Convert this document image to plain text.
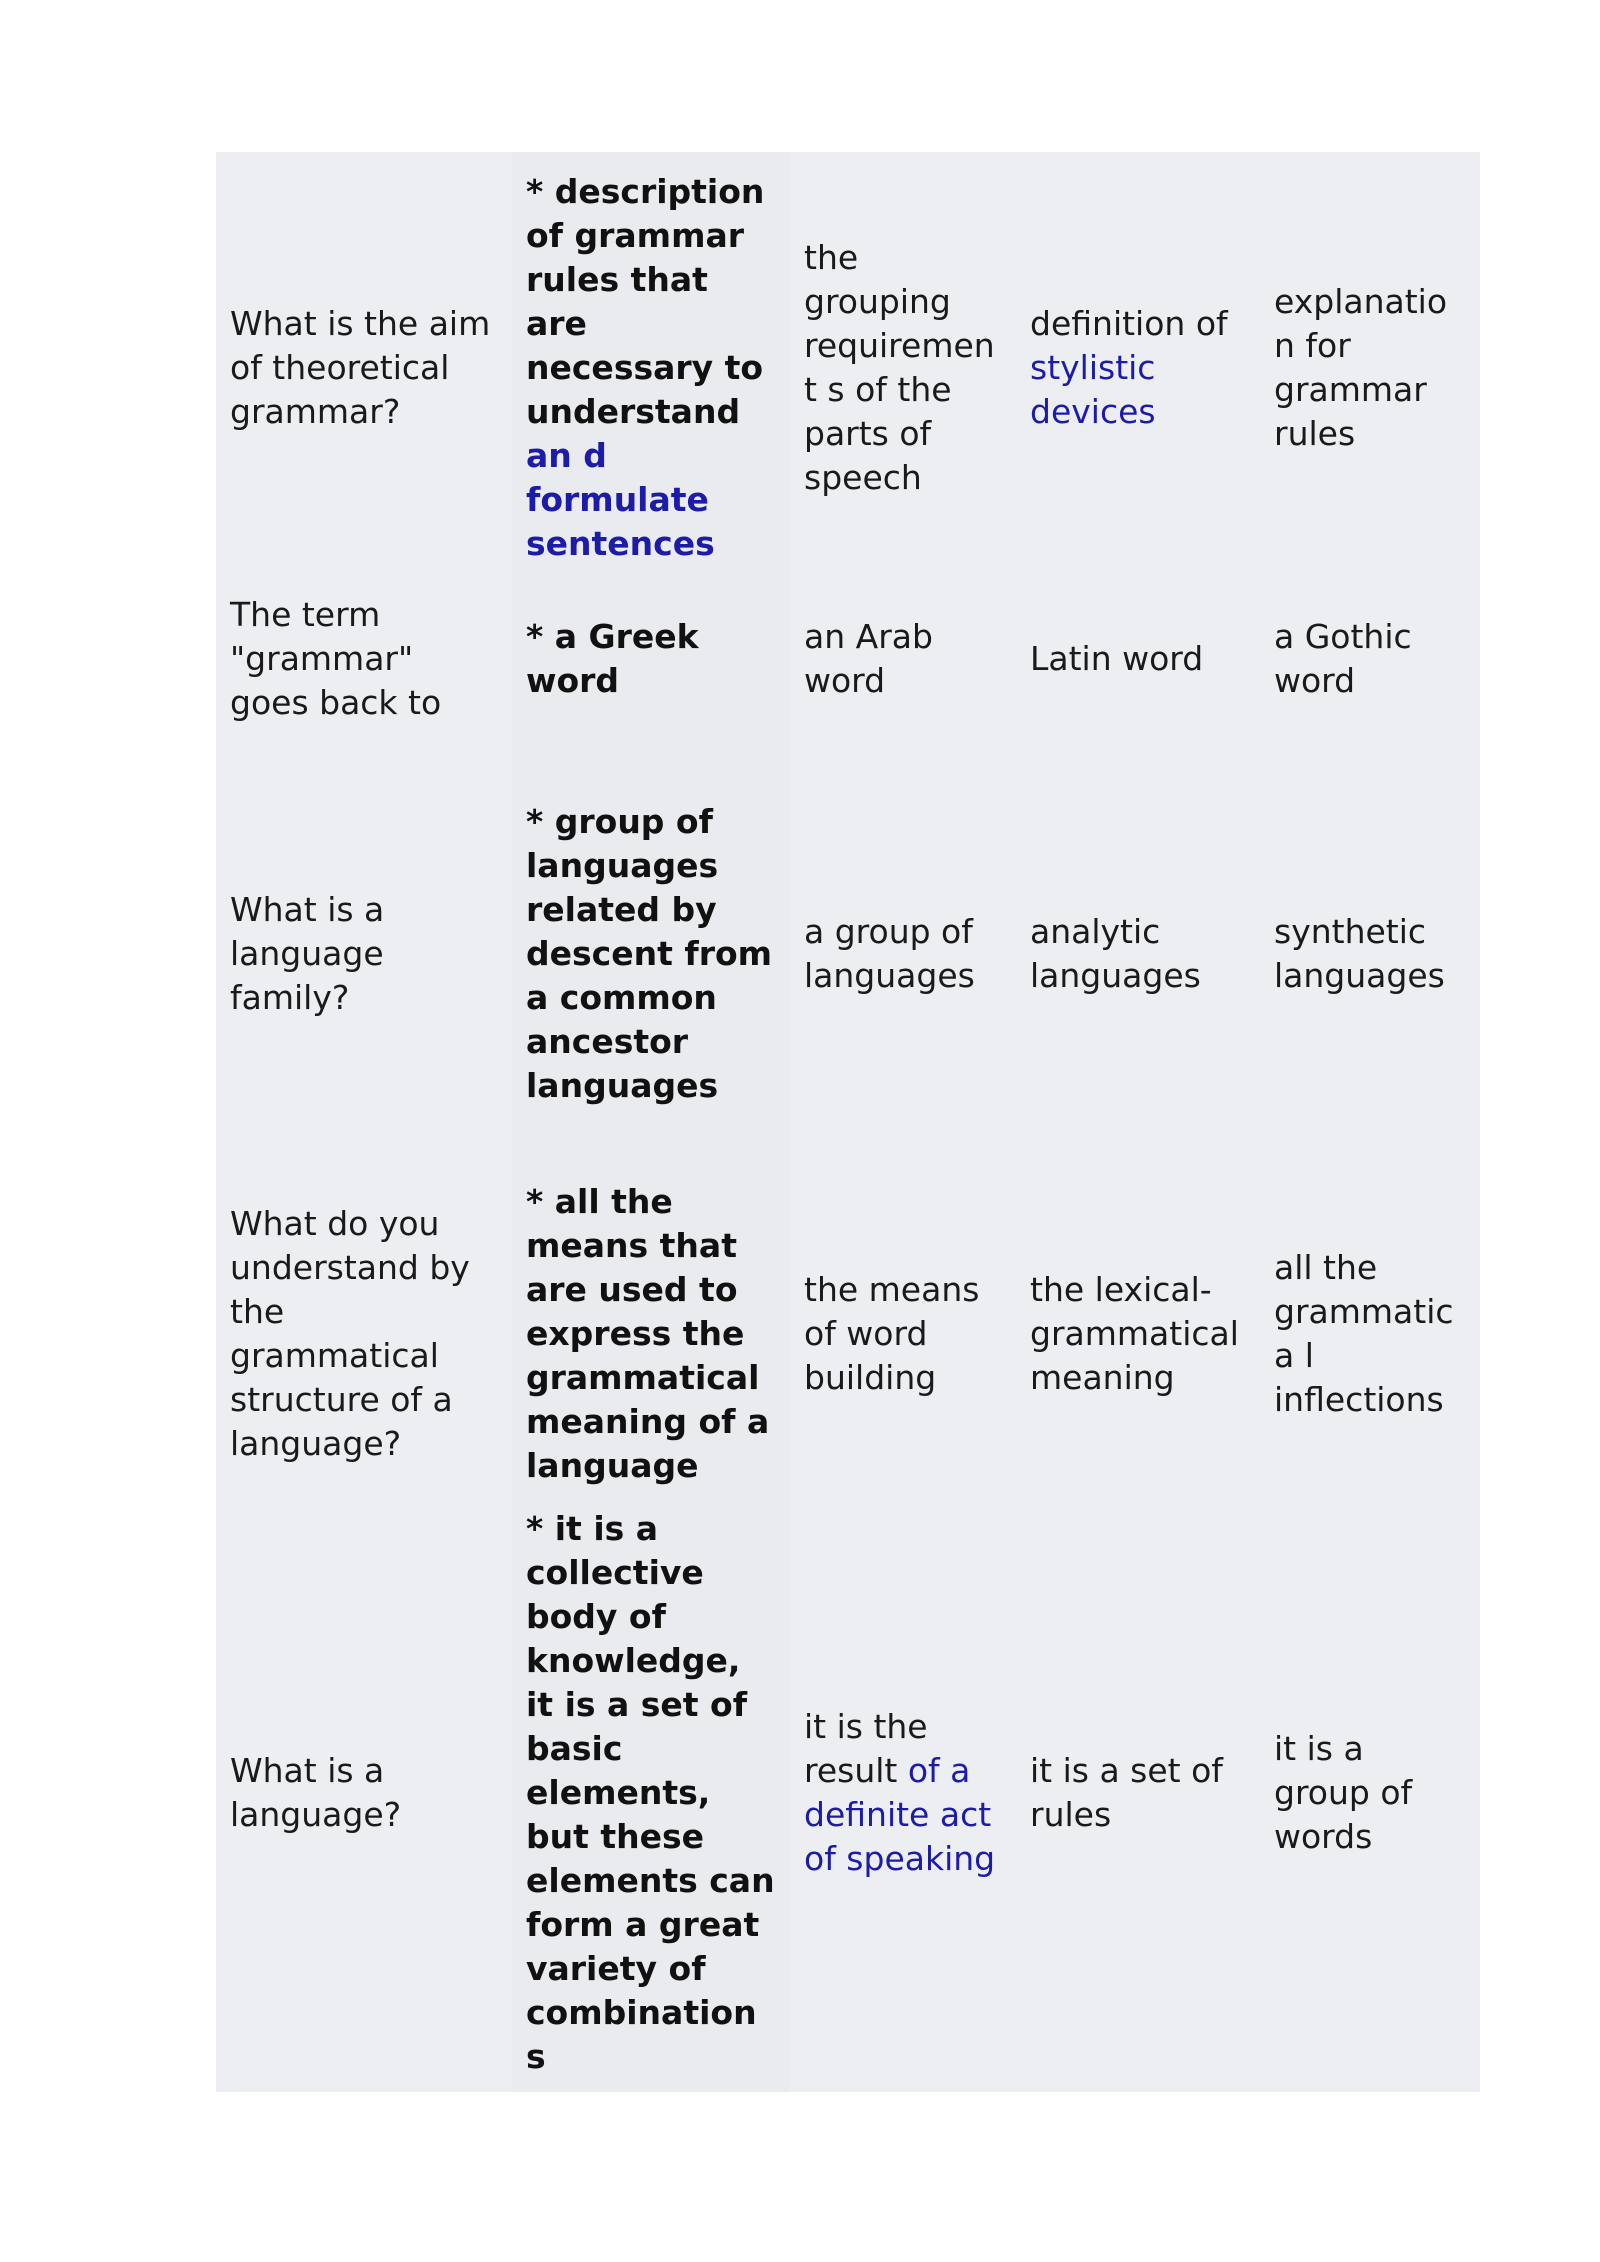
What is the aim of theoretical grammar?	* description of grammar rules that are necessary to understand an d formulate sentences	the grouping requirement s of the parts of speech	definition of stylistic devices	explanation for grammar rules
The term "grammar" goes back to	* a Greek word	an Arab word	Latin word	a Gothic word
What is a language family?	* group of languages related by descent from a common ancestor languages	a group of languages	analytic languages	synthetic languages
What do you understand by the grammatical structure of a language?	* all the means that are used to express the grammatical meaning of a language	the means of word building	the lexical- grammatical meaning	all the grammatica l inflections
What is a language?	* it is a collective body of knowledge, it is a set of basic elements, but these elements can form a great variety of combinations	it is the result of a definite act of speaking	it is a set of rules	it is a group of words
